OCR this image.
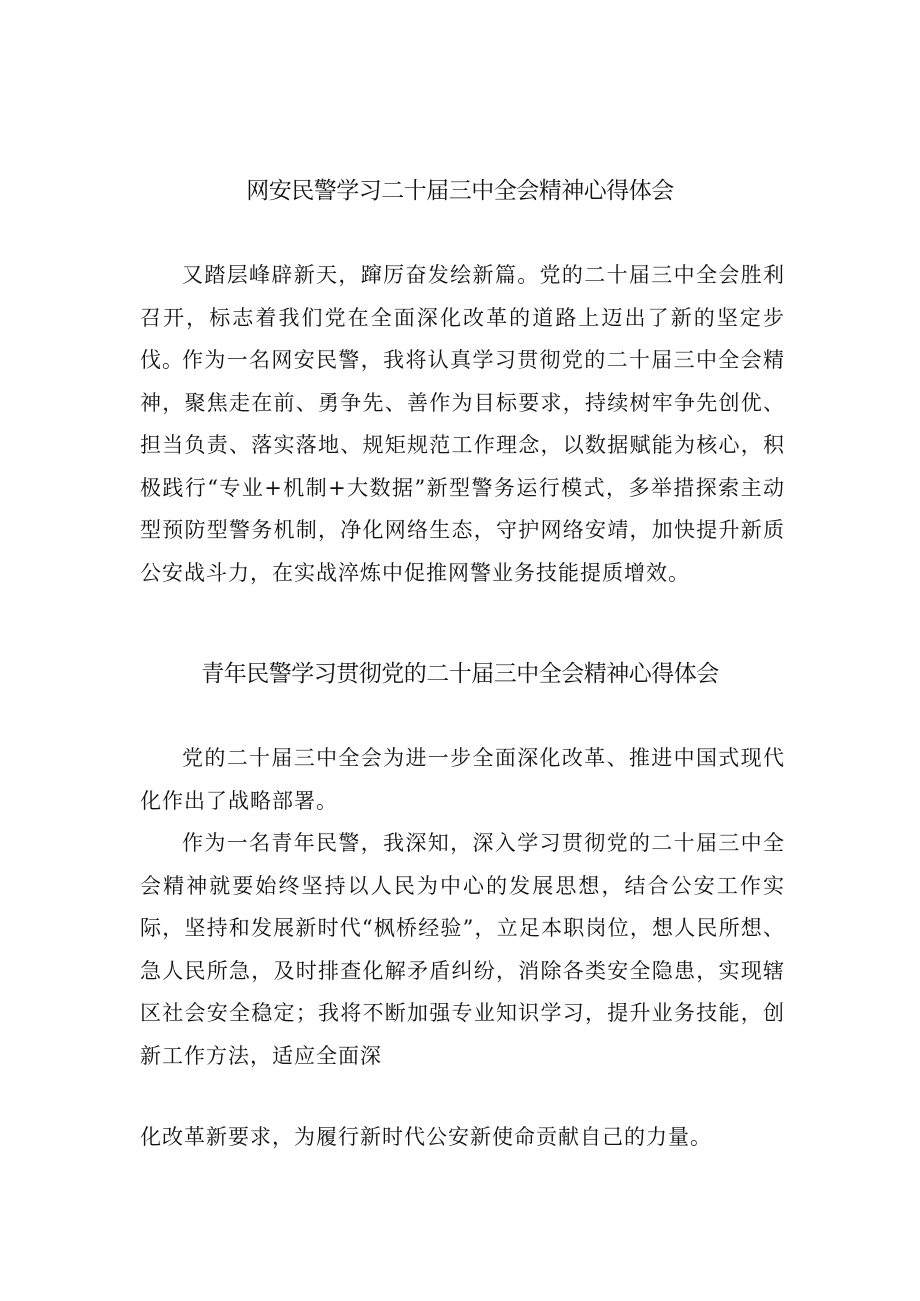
网安民警学习二十届三中全会精神心得体会

又踏层峰辟新天，蹿厉奋发绘新篇。党的二十届三中全会胜利召开，标志着我们党在全面深化改革的道路上迈出了新的坚定步伐。

作为一名网安民警，我将认真学习贯彻党的二十届三中全会精神，聚焦走在前、勇争先、善作为目标要求，持续树牢争先创优、担当负责、落实落地、规矩规范工作理念，以数据赋能为核心，积极践行“专业+机制+大数据”新型警务运行模式，多举措探索主动型预防型警务机制，净化网络生态，守护网络安靖，加快提升新质公安战斗力，在实战淬炼中促推网警业务技能提质增效。

青年民警学习贯彻党的二十届三中全会精神心得体会

党的二十届三中全会为进一步全面深化改革、推进中国式现代化作出了战略部署。

作为一名青年民警，我深知，深入学习贯彻党的二十届三中全会精神就要始终坚持以人民为中心的发展思想，结合公安工作实际，坚持和发展新时代“枫桥经验”，立足本职岗位，想人民所想、急人民所急，及时排查化解矛盾纠纷，消除各类安全隐患，实现辖区社会安全稳定；我将不断加强专业知识学习，提升业务技能，创新工作方法，适应全面深

化改革新要求，为履行新时代公安新使命贡献自己的力量。
